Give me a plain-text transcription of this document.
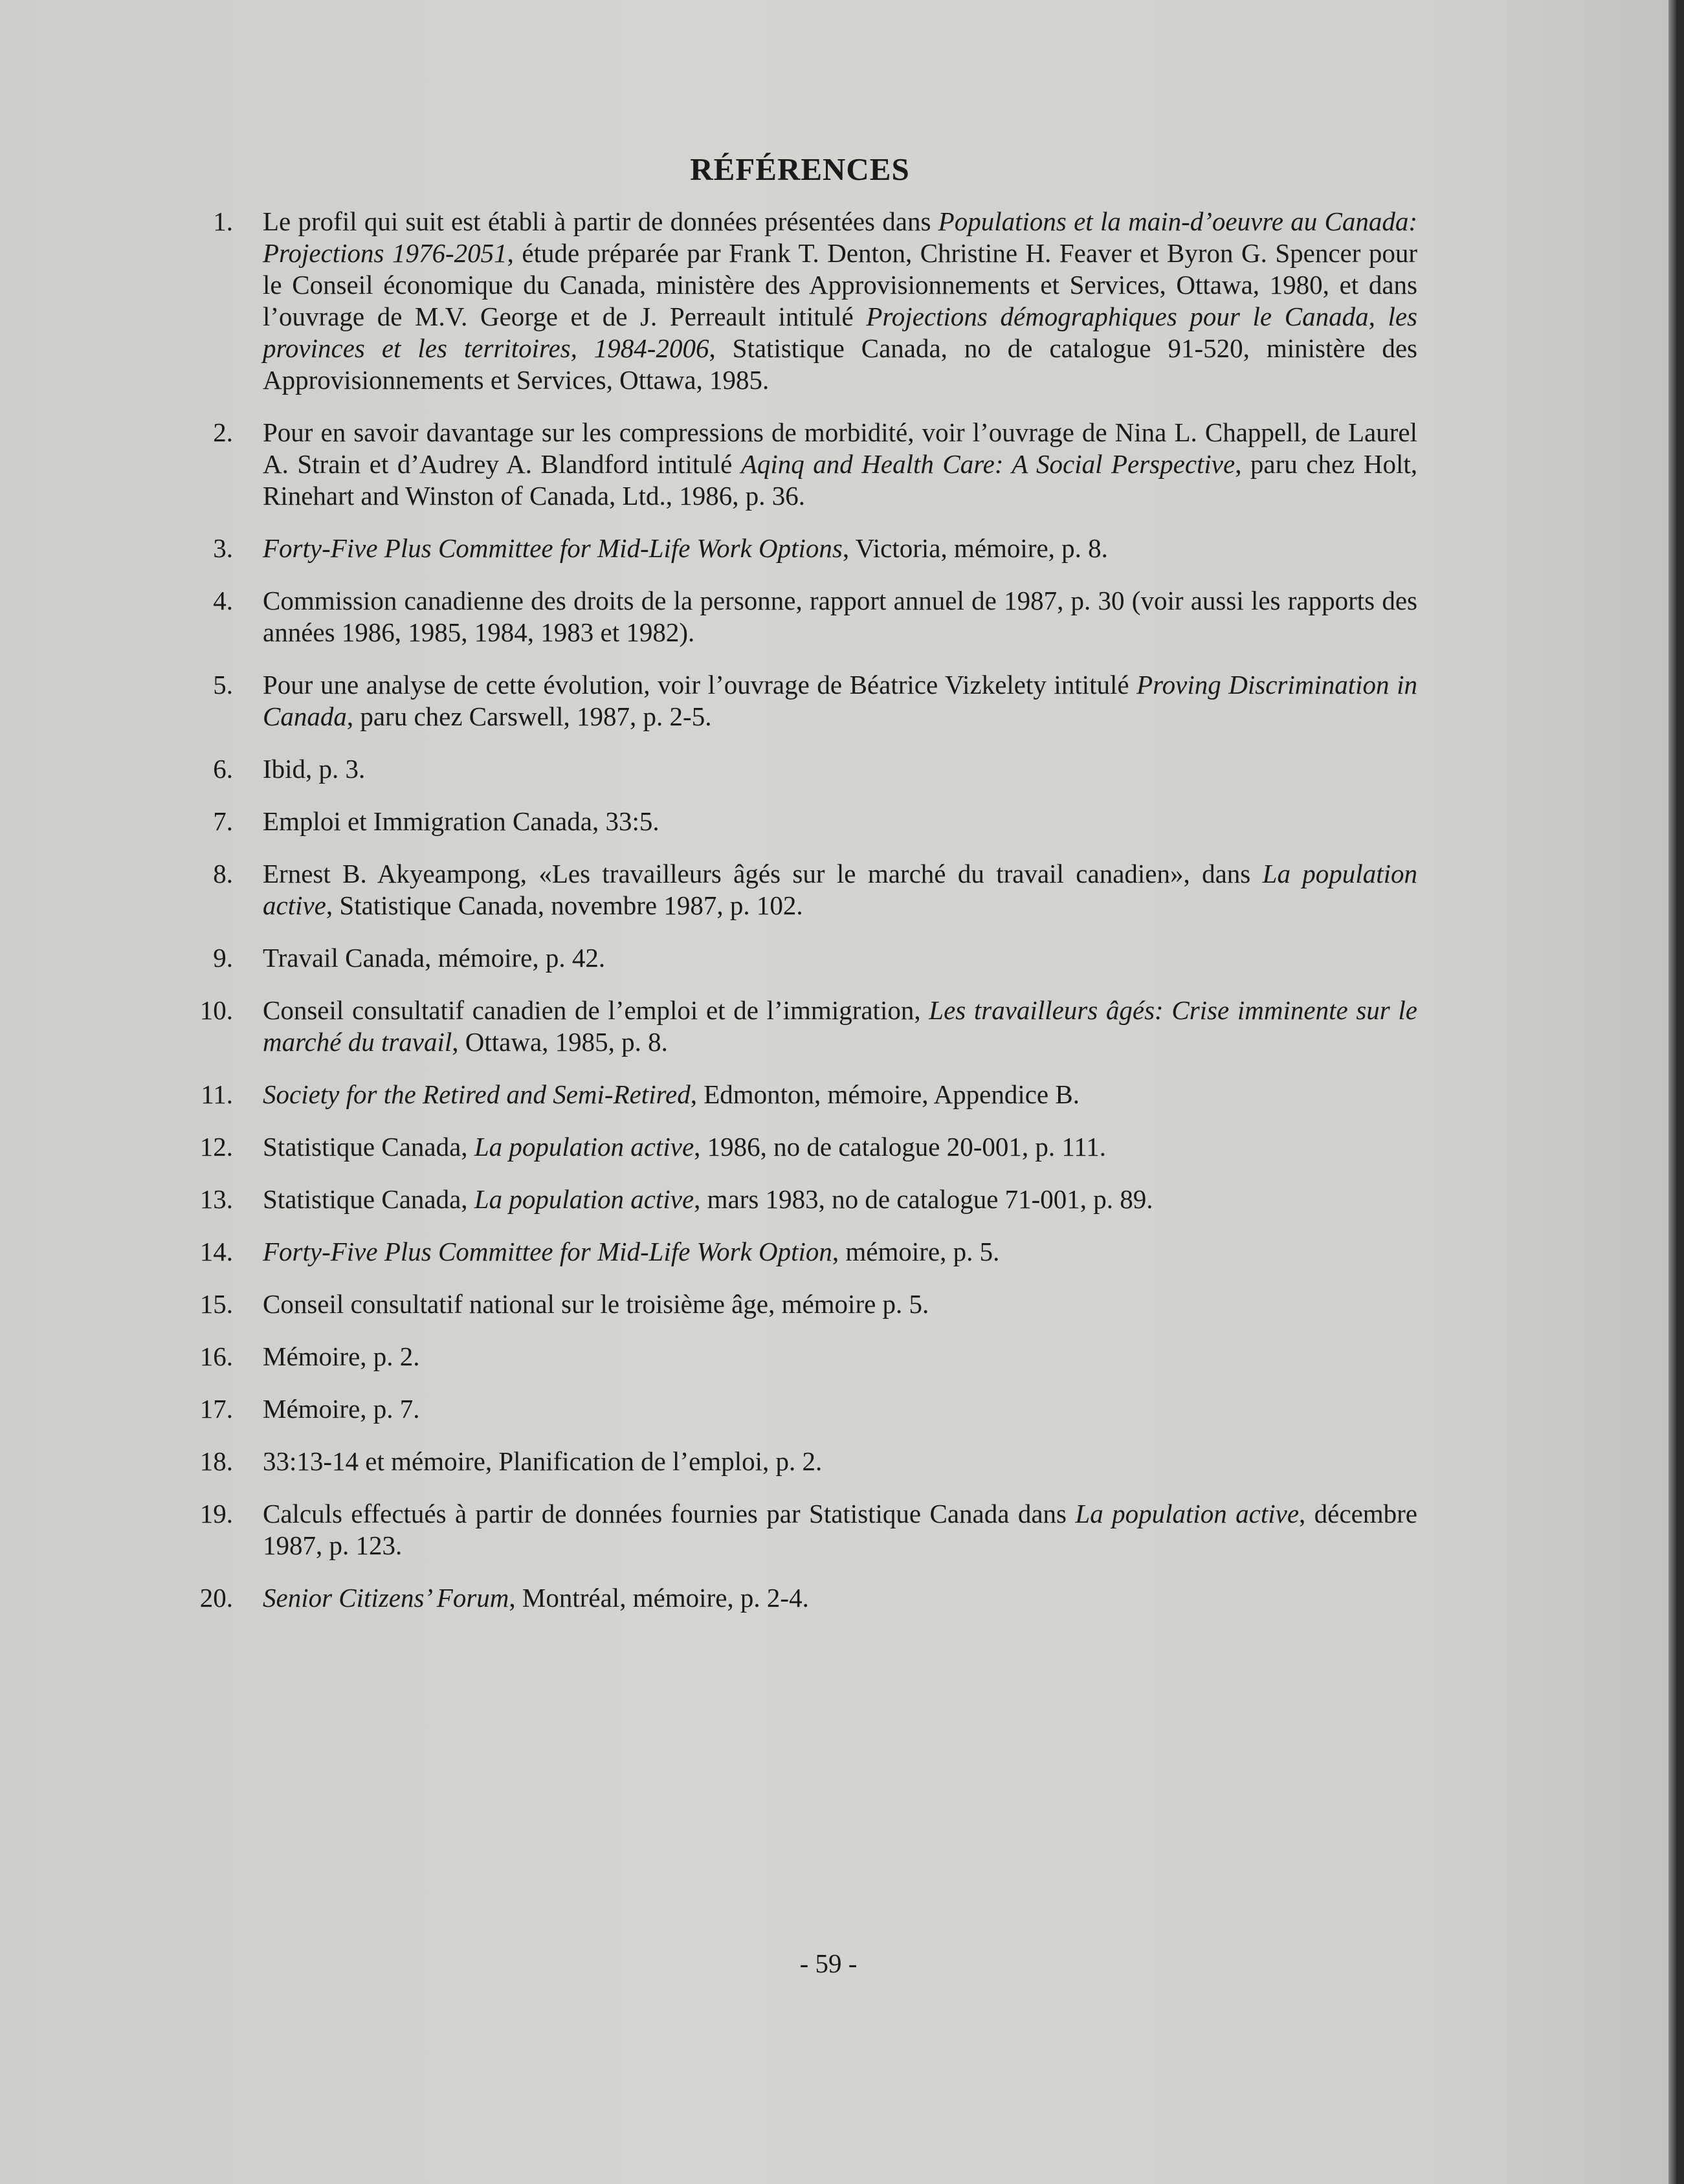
RÉFÉRENCES
1. Le profil qui suit est établi à partir de données présentées dans Populations et la main-d’oeuvre au Canada: Projections 1976-2051, étude préparée par Frank T. Denton, Christine H. Feaver et Byron G. Spencer pour le Conseil économique du Canada, ministère des Approvisionnements et Services, Ottawa, 1980, et dans l’ouvrage de M.V. George et de J. Perreault intitulé Projections démographiques pour le Canada, les provinces et les territoires, 1984-2006, Statistique Canada, no de catalogue 91-520, ministère des Approvisionnements et Services, Ottawa, 1985.
2. Pour en savoir davantage sur les compressions de morbidité, voir l’ouvrage de Nina L. Chappell, de Laurel A. Strain et d’Audrey A. Blandford intitulé Aqinq and Health Care: A Social Perspective, paru chez Holt, Rinehart and Winston of Canada, Ltd., 1986, p. 36.
3. Forty-Five Plus Committee for Mid-Life Work Options, Victoria, mémoire, p. 8.
4. Commission canadienne des droits de la personne, rapport annuel de 1987, p. 30 (voir aussi les rapports des années 1986, 1985, 1984, 1983 et 1982).
5. Pour une analyse de cette évolution, voir l’ouvrage de Béatrice Vizkelety intitulé Proving Discrimination in Canada, paru chez Carswell, 1987, p. 2-5.
6. Ibid, p. 3.
7. Emploi et Immigration Canada, 33:5.
8. Ernest B. Akyeampong, «Les travailleurs âgés sur le marché du travail canadien», dans La population active, Statistique Canada, novembre 1987, p. 102.
9. Travail Canada, mémoire, p. 42.
10. Conseil consultatif canadien de l’emploi et de l’immigration, Les travailleurs âgés: Crise imminente sur le marché du travail, Ottawa, 1985, p. 8.
11. Society for the Retired and Semi-Retired, Edmonton, mémoire, Appendice B.
12. Statistique Canada, La population active, 1986, no de catalogue 20-001, p. 111.
13. Statistique Canada, La population active, mars 1983, no de catalogue 71-001, p. 89.
14. Forty-Five Plus Committee for Mid-Life Work Option, mémoire, p. 5.
15. Conseil consultatif national sur le troisième âge, mémoire p. 5.
16. Mémoire, p. 2.
17. Mémoire, p. 7.
18. 33:13-14 et mémoire, Planification de l’emploi, p. 2.
19. Calculs effectués à partir de données fournies par Statistique Canada dans La population active, décembre 1987, p. 123.
20. Senior Citizens’ Forum, Montréal, mémoire, p. 2-4.
- 59 -
